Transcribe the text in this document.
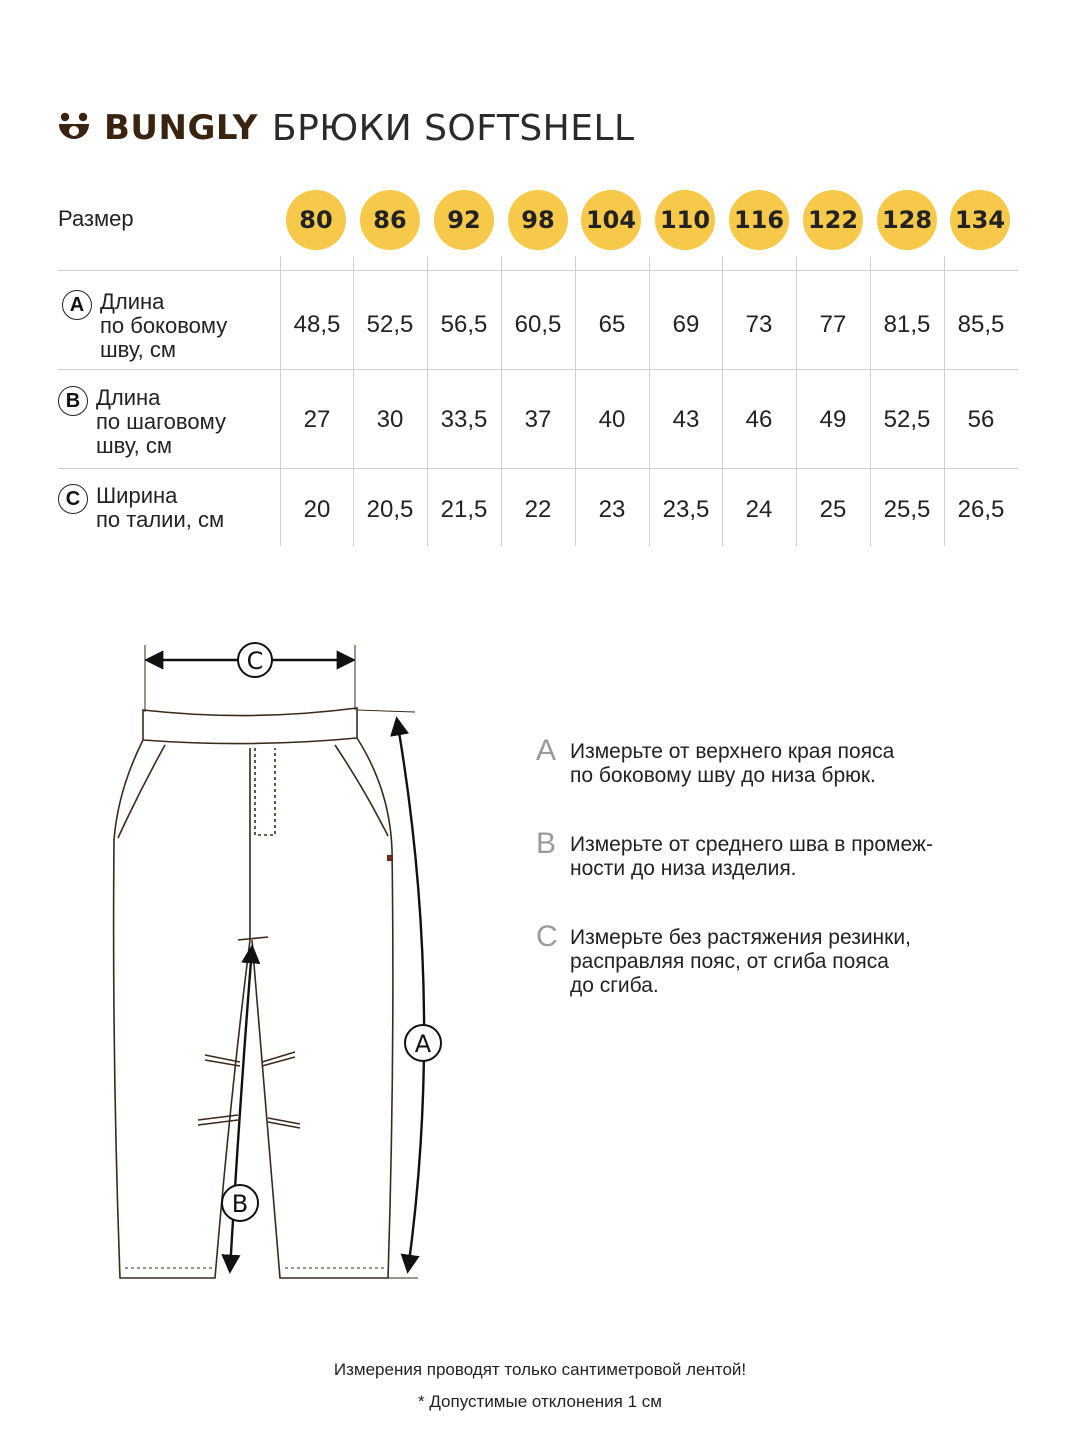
BUNGLY БРЮКИ SOFTSHELL
Размер	80	86	92	98	104 110 116 122 128 134
A Длина
по боковому
шву, см
48,5	52,5	56,5	60,5	65	69	73	77	81,5	85,5
B Длина
по шаговому
шву, см
27	30	33,5	37	40	43	46	49	52,5	56
C Ширина
по талии, см	20	20,5	21,5	22	23	23,5	24	25	25,5	26,5
C
A
B
A Измерьте от верхнего края пояса
по боковому шву до низа брюк.
B Измерьте от среднего шва в промеж-
ности до низа изделия.
C Измерьте без растяжения резинки,
расправляя пояс, от сгиба пояса
до сгиба.
Измерения проводят только сантиметровой лентой!
* Допустимые отклонения 1 см
